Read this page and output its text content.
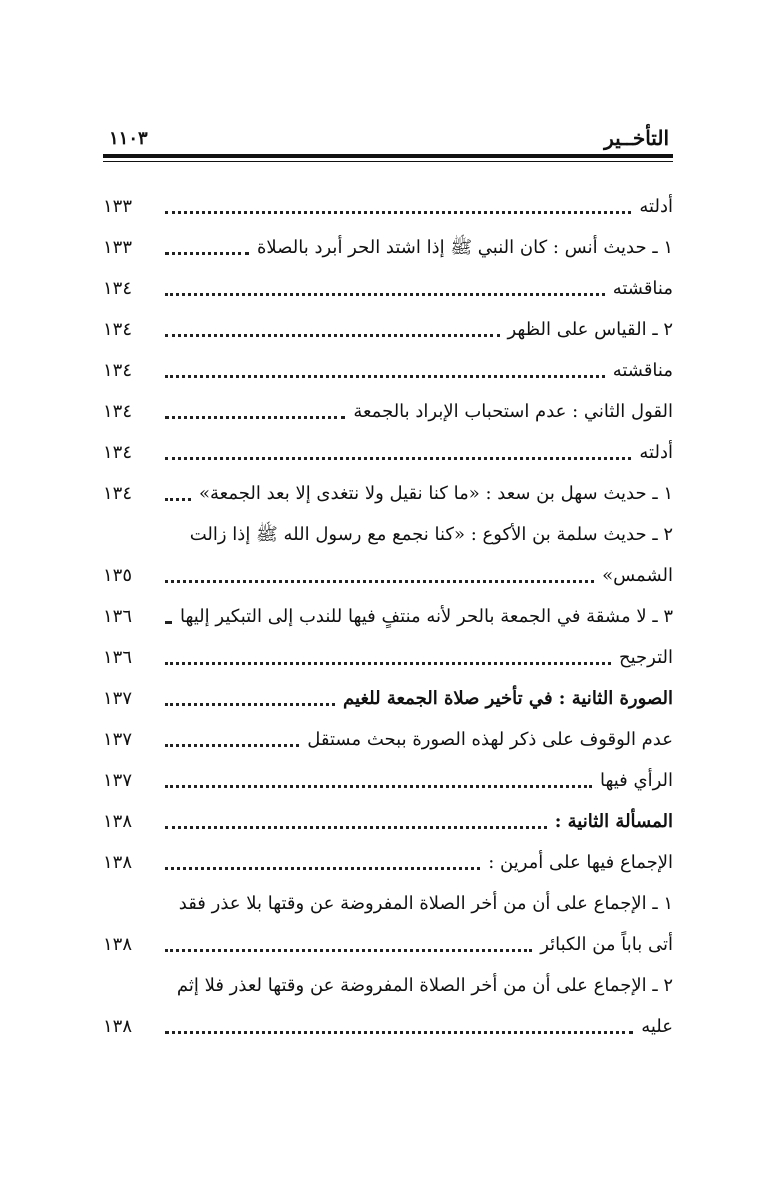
التأخــير
١١٠٣
أدلته
١٣٣
١ ـ حديث أنس : كان النبي ﷺ إذا اشتد الحر أبرد بالصلاة
١٣٣
مناقشته
١٣٤
٢ ـ القياس على الظهر
١٣٤
مناقشته
١٣٤
القول الثاني : عدم استحباب الإبراد بالجمعة
١٣٤
أدلته
١٣٤
١ ـ حديث سهل بن سعد : «ما كنا نقيل ولا نتغدى إلا بعد الجمعة»
١٣٤
٢ ـ حديث سلمة بن الأكوع : «كنا نجمع مع رسول الله ﷺ إذا زالت
الشمس»
١٣٥
٣ ـ لا مشقة في الجمعة بالحر لأنه منتفٍ فيها للندب إلى التبكير إليها
١٣٦
الترجيح
١٣٦
الصورة الثانية : في تأخير صلاة الجمعة للغيم
١٣٧
عدم الوقوف على ذكر لهذه الصورة ببحث مستقل
١٣٧
الرأي فيها
١٣٧
المسألة الثانية :
١٣٨
الإجماع فيها على أمرين :
١٣٨
١ ـ الإجماع على أن من أخر الصلاة المفروضة عن وقتها بلا عذر فقد
أتى باباً من الكبائر
١٣٨
٢ ـ الإجماع على أن من أخر الصلاة المفروضة عن وقتها لعذر فلا إثم
عليه
١٣٨
